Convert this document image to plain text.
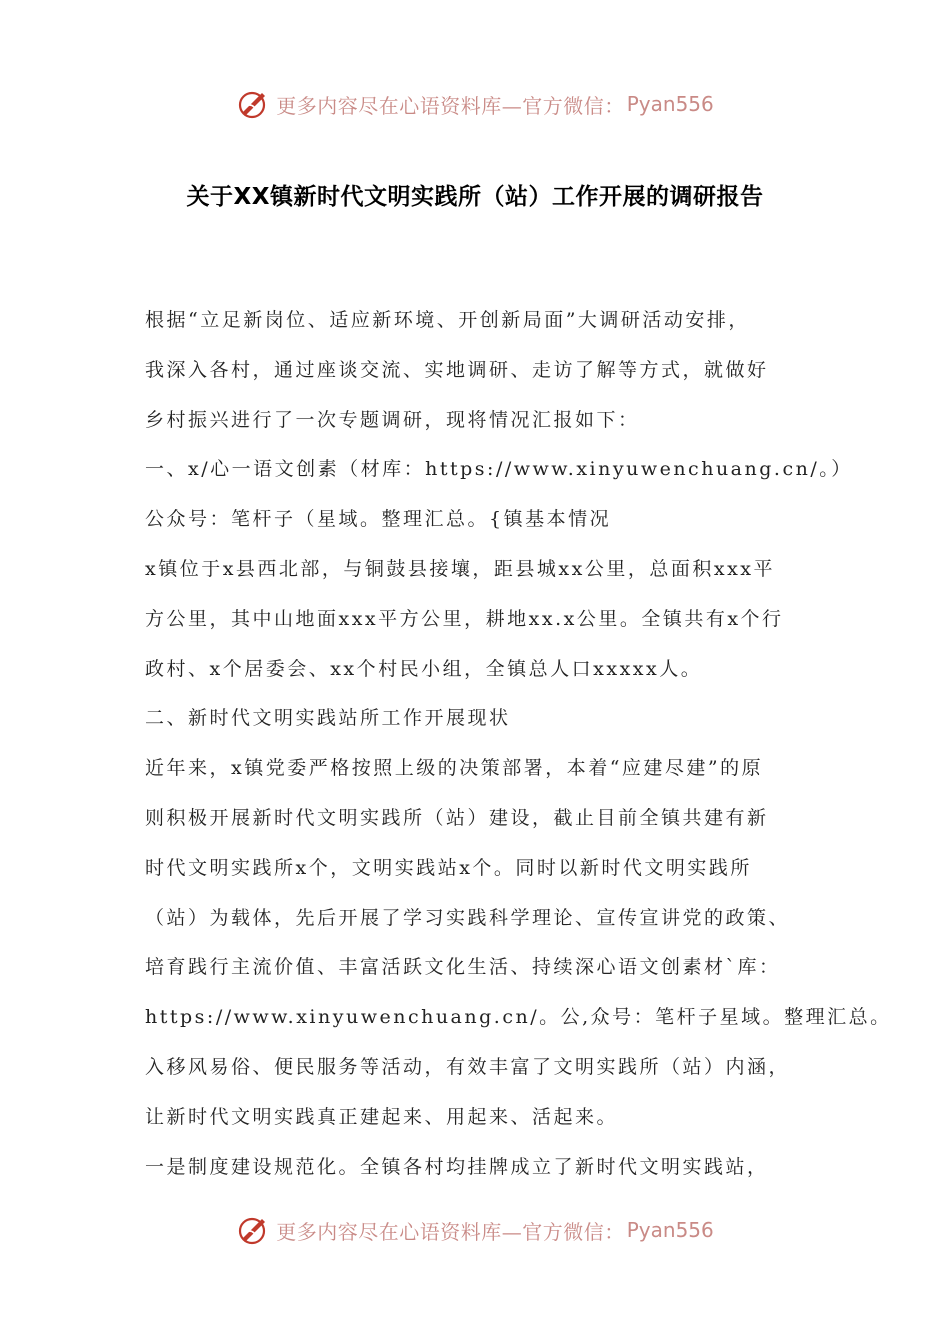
更多内容尽在心语资料库—官方微信： Pyan556
关于XX镇新时代文明实践所（站）工作开展的调研报告
根据“立足新岗位、适应新环境、开创新局面”大调研活动安排，
我深入各村，通过座谈交流、实地调研、走访了解等方式，就做好
乡村振兴进行了一次专题调研，现将情况汇报如下：
一、x/心一语文创素（材库：https://www.xinyuwenchuang.cn/。）
公众号：笔杆子（星域。整理汇总。{镇基本情况
x镇位于x县西北部，与铜鼓县接壤，距县城xx公里，总面积xxx平
方公里，其中山地面xxx平方公里，耕地xx.x公里。全镇共有x个行
政村、x个居委会、xx个村民小组，全镇总人口xxxxx人。
二、新时代文明实践站所工作开展现状
近年来，x镇党委严格按照上级的决策部署，本着“应建尽建”的原
则积极开展新时代文明实践所（站）建设，截止目前全镇共建有新
时代文明实践所x个，文明实践站x个。同时以新时代文明实践所
（站）为载体，先后开展了学习实践科学理论、宣传宣讲党的政策、
培育践行主流价值、丰富活跃文化生活、持续深心语文创素材`库：
https://www.xinyuwenchuang.cn/。公,众号：笔杆子星域。整理汇总。
入移风易俗、便民服务等活动，有效丰富了文明实践所（站）内涵，
让新时代文明实践真正建起来、用起来、活起来。
一是制度建设规范化。全镇各村均挂牌成立了新时代文明实践站，
更多内容尽在心语资料库—官方微信： Pyan556
